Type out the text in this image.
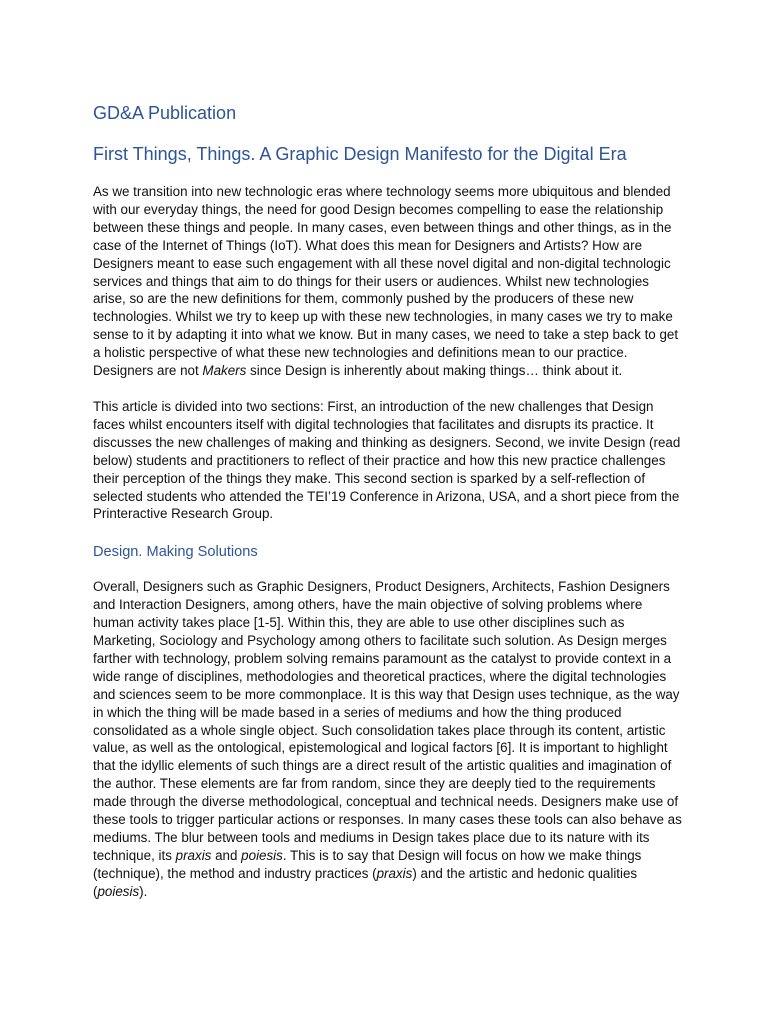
GD&A Publication
First Things, Things. A Graphic Design Manifesto for the Digital Era

As we transition into new technologic eras where technology seems more ubiquitous and blended with our everyday things, the need for good Design becomes compelling to ease the relationship between these things and people. In many cases, even between things and other things, as in the case of the Internet of Things (IoT). What does this mean for Designers and Artists? How are Designers meant to ease such engagement with all these novel digital and non-digital technologic services and things that aim to do things for their users or audiences. Whilst new technologies arise, so are the new definitions for them, commonly pushed by the producers of these new technologies. Whilst we try to keep up with these new technologies, in many cases we try to make sense to it by adapting it into what we know. But in many cases, we need to take a step back to get a holistic perspective of what these new technologies and definitions mean to our practice. Designers are not Makers since Design is inherently about making things… think about it.

This article is divided into two sections: First, an introduction of the new challenges that Design faces whilst encounters itself with digital technologies that facilitates and disrupts its practice. It discusses the new challenges of making and thinking as designers. Second, we invite Design (read below) students and practitioners to reflect of their practice and how this new practice challenges their perception of the things they make. This second section is sparked by a self-reflection of selected students who attended the TEI’19 Conference in Arizona, USA, and a short piece from the Printeractive Research Group.

Design. Making Solutions

Overall, Designers such as Graphic Designers, Product Designers, Architects, Fashion Designers and Interaction Designers, among others, have the main objective of solving problems where human activity takes place [1-5]. Within this, they are able to use other disciplines such as Marketing, Sociology and Psychology among others to facilitate such solution. As Design merges farther with technology, problem solving remains paramount as the catalyst to provide context in a wide range of disciplines, methodologies and theoretical practices, where the digital technologies and sciences seem to be more commonplace. It is this way that Design uses technique, as the way in which the thing will be made based in a series of mediums and how the thing produced consolidated as a whole single object. Such consolidation takes place through its content, artistic value, as well as the ontological, epistemological and logical factors [6]. It is important to highlight that the idyllic elements of such things are a direct result of the artistic qualities and imagination of the author. These elements are far from random, since they are deeply tied to the requirements made through the diverse methodological, conceptual and technical needs. Designers make use of these tools to trigger particular actions or responses. In many cases these tools can also behave as mediums. The blur between tools and mediums in Design takes place due to its nature with its technique, its praxis and poiesis. This is to say that Design will focus on how we make things (technique), the method and industry practices (praxis) and the artistic and hedonic qualities (poiesis).
